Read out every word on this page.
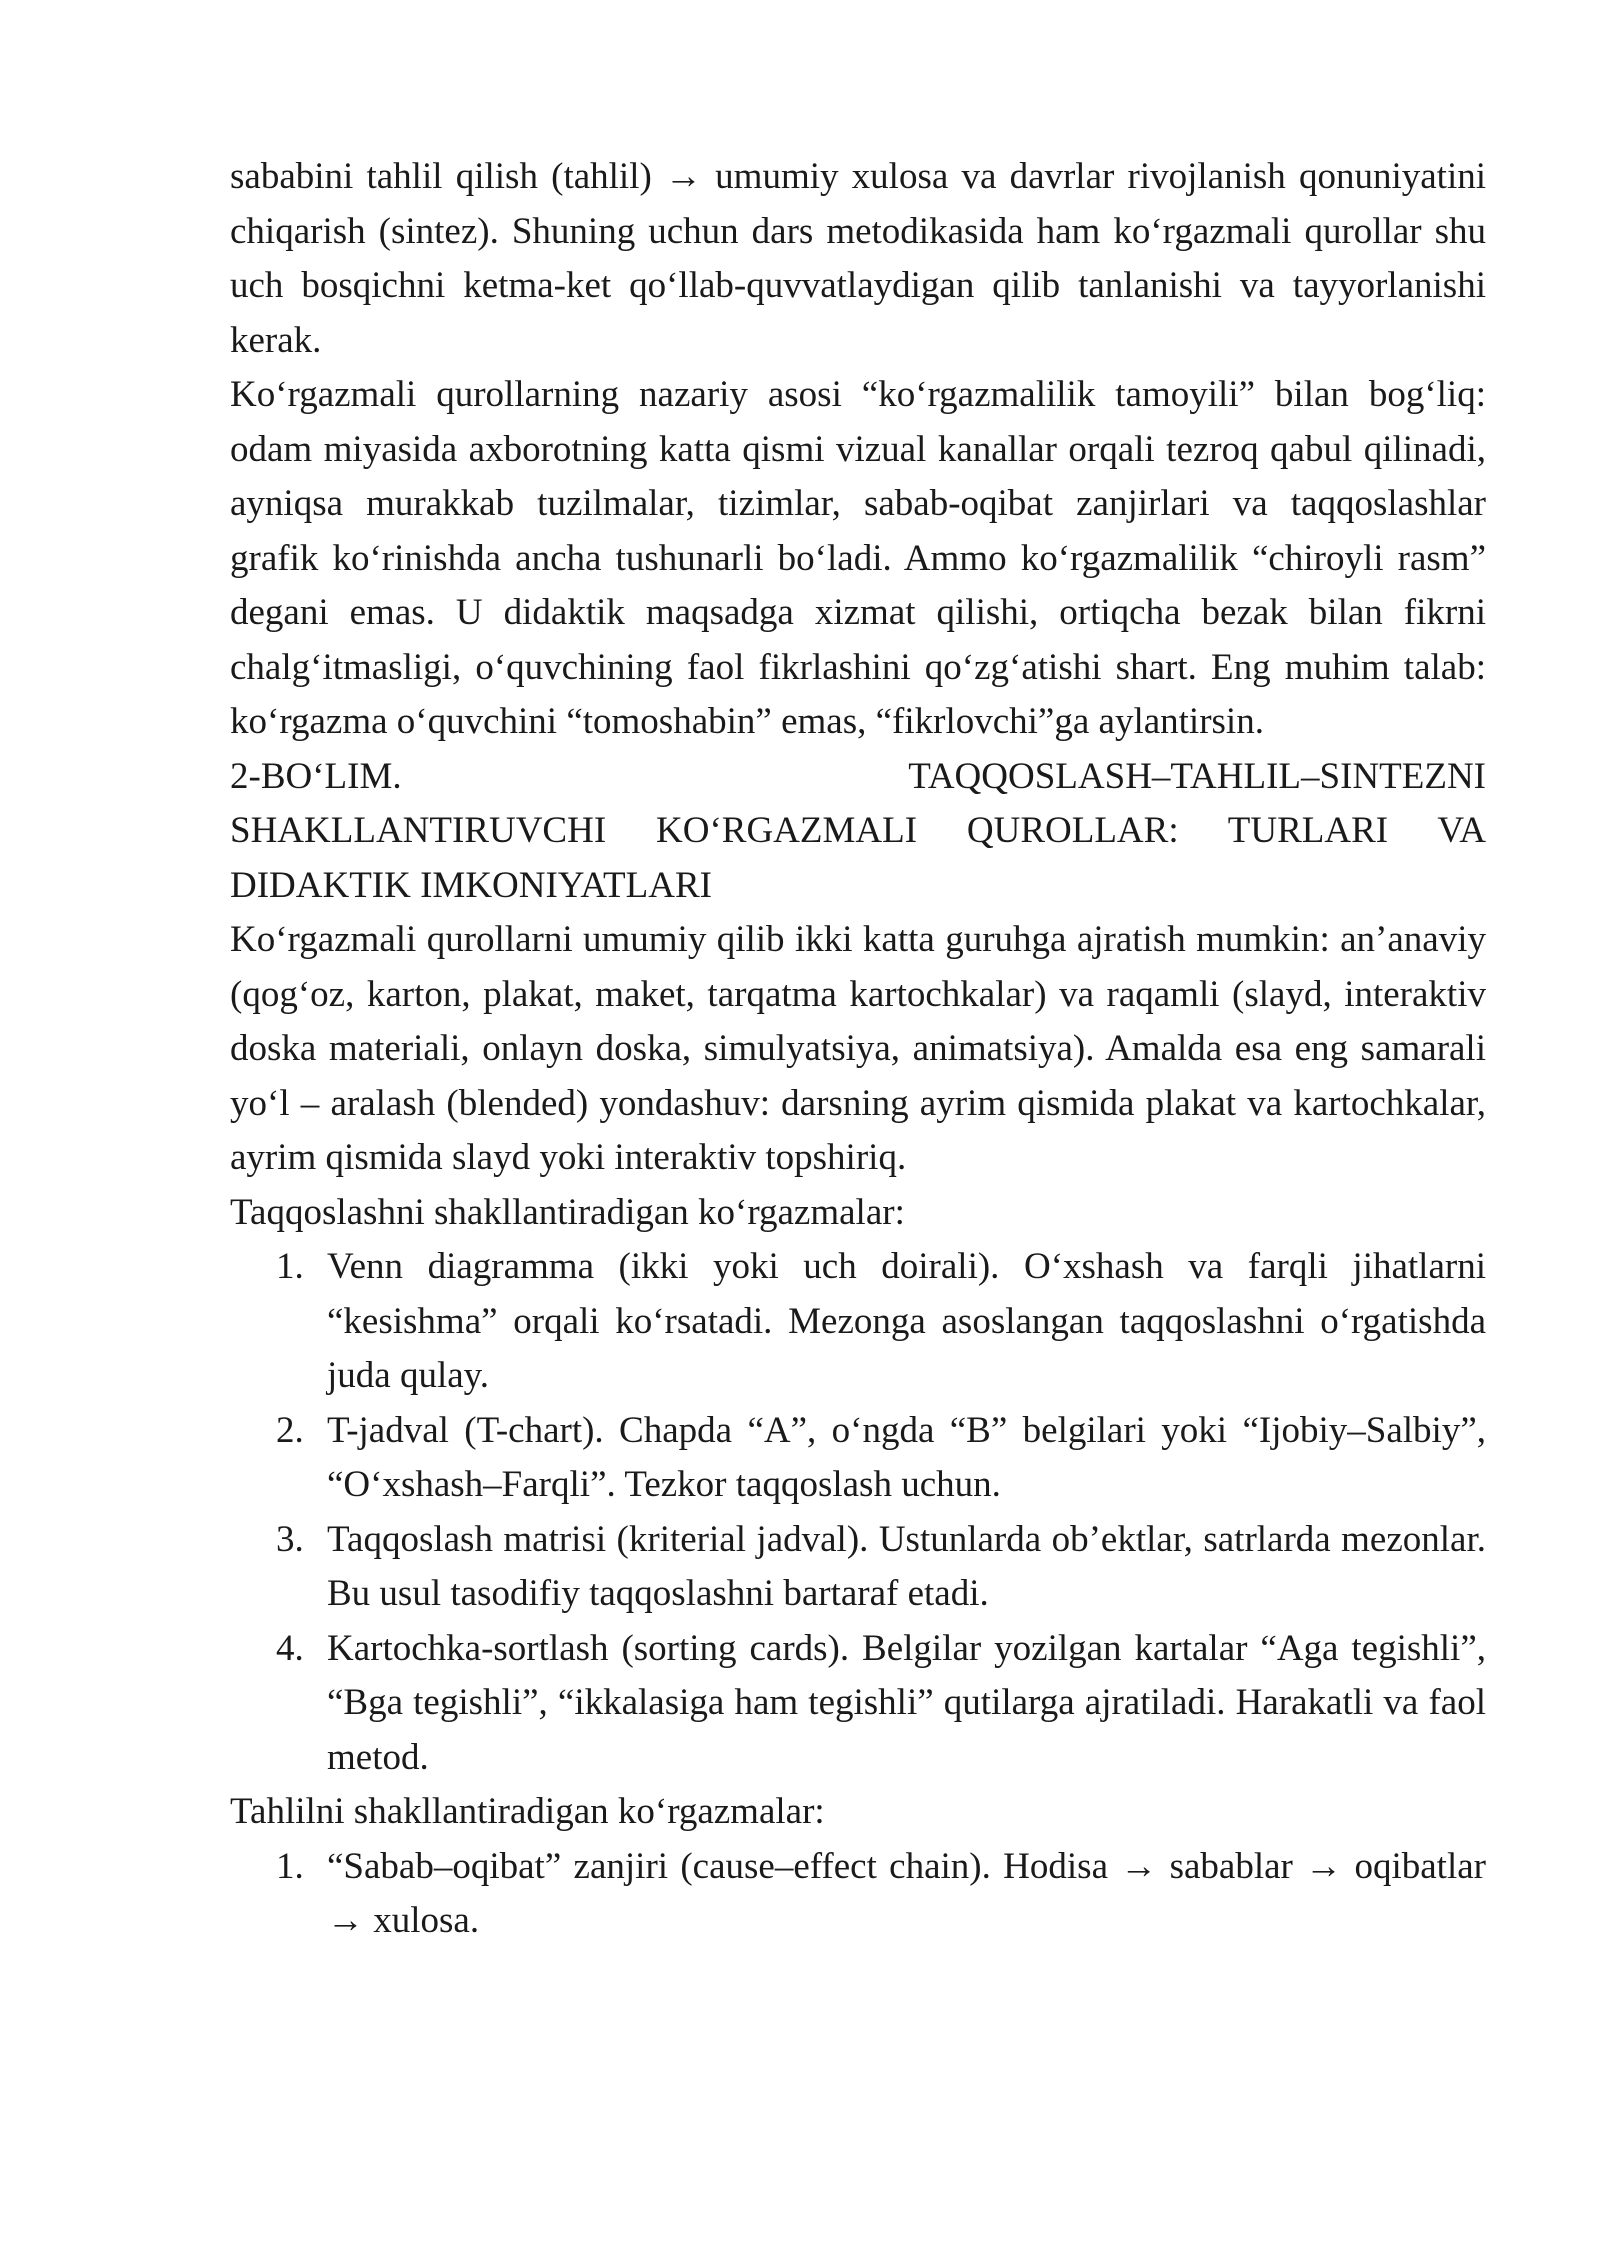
sababini tahlil qilish (tahlil) → umumiy xulosa va davrlar rivojlanish qonuniyatini chiqarish (sintez). Shuning uchun dars metodikasida ham ko‘rgazmali qurollar shu uch bosqichni ketma-ket qo‘llab-quvvatlaydigan qilib tanlanishi va tayyorlanishi kerak.

Ko‘rgazmali qurollarning nazariy asosi “ko‘rgazmalilik tamoyili” bilan bog‘liq: odam miyasida axborotning katta qismi vizual kanallar orqali tezroq qabul qilinadi, ayniqsa murakkab tuzilmalar, tizimlar, sabab-oqibat zanjirlari va taqqoslashlar grafik ko‘rinishda ancha tushunarli bo‘ladi. Ammo ko‘rgazmalilik “chiroyli rasm” degani emas. U didaktik maqsadga xizmat qilishi, ortiqcha bezak bilan fikrni chalg‘itmasligi, o‘quvchining faol fikrlashini qo‘zg‘atishi shart. Eng muhim talab: ko‘rgazma o‘quvchini “tomoshabin” emas, “fikrlovchi”ga aylantirsin.

2-BO‘LIM.	TAQQOSLASH–TAHLIL–SINTEZNI

SHAKLLANTIRUVCHI KO‘RGAZMALI QUROLLAR: TURLARI VA DIDAKTIK IMKONIYATLARI

Ko‘rgazmali qurollarni umumiy qilib ikki katta guruhga ajratish mumkin: an’anaviy (qog‘oz, karton, plakat, maket, tarqatma kartochkalar) va raqamli (slayd, interaktiv doska materiali, onlayn doska, simulyatsiya, animatsiya). Amalda esa eng samarali yo‘l – aralash (blended) yondashuv: darsning ayrim qismida plakat va kartochkalar, ayrim qismida slayd yoki interaktiv topshiriq.

Taqqoslashni shakllantiradigan ko‘rgazmalar:

1. Venn diagramma (ikki yoki uch doirali). O‘xshash va farqli jihatlarni “kesishma” orqali ko‘rsatadi. Mezonga asoslangan taqqoslashni o‘rgatishda juda qulay.
2. T-jadval (T-chart). Chapda “A”, o‘ngda “B” belgilari yoki “Ijobiy–Salbiy”, “O‘xshash–Farqli”. Tezkor taqqoslash uchun.
3. Taqqoslash matrisi (kriterial jadval). Ustunlarda ob’ektlar, satrlarda mezonlar. Bu usul tasodifiy taqqoslashni bartaraf etadi.
4. Kartochka-sortlash (sorting cards). Belgilar yozilgan kartalar “Aga tegishli”, “Bga tegishli”, “ikkalasiga ham tegishli” qutilarga ajratiladi. Harakatli va faol metod.

Tahlilni shakllantiradigan ko‘rgazmalar:

1. “Sabab–oqibat” zanjiri (cause–effect chain). Hodisa → sabablar → oqibatlar → xulosa.
